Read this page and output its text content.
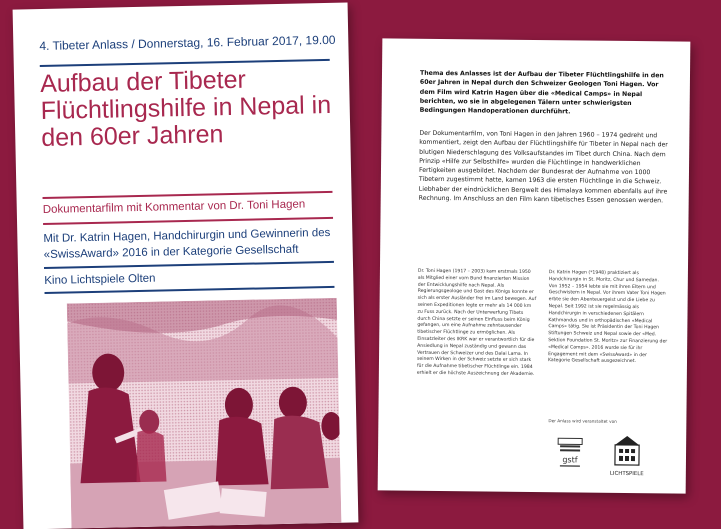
Thema des Anlasses ist der Aufbau der Tibeter Flüchtlingshilfe in den 60er Jahren in Nepal durch den Schweizer Geologen Toni Hagen. Vor dem Film wird Katrin Hagen über die «Medical Camps» in Nepal berichten, wo sie in abgelegenen Tälern unter schwierigsten Bedingungen Handoperationen durchführt.
Der Dokumentarfilm, von Toni Hagen in den Jahren 1960 – 1974 gedreht und kommentiert, zeigt den Aufbau der Flüchtlingshilfe für Tibeter in Nepal nach der blutigen Niederschlagung des Volksaufstandes im Tibet durch China. Nach dem Prinzip «Hilfe zur Selbsthilfe» wurden die Flüchtlinge in handwerklichen Fertigkeiten ausgebildet. Nachdem der Bundesrat der Aufnahme von 1000 Tibetern zugestimmt hatte, kamen 1963 die ersten Flüchtlinge in die Schweiz. Liebhaber der eindrücklichen Bergwelt des Himalaya kommen ebenfalls auf ihre Rechnung. Im Anschluss an den Film kann tibetisches Essen genossen werden.
Dr. Toni Hagen (1917 – 2003) kam erstmals 1950 als Mitglied einer vom Bund finanzierten Mission der Entwicklungshilfe nach Nepal. Als Regierungsgeologe und Gast des Königs konnte er sich als erster Ausländer frei im Land bewegen. Auf seinen Expeditionen legte er mehr als 14 000 km zu Fuss zurück. Nach der Unterwerfung Tibets durch China setzte er seinen Einfluss beim König gefangen, um eine Aufnahme zehntausender tibetischer Flüchtlinge zu ermöglichen. Als Einsatzleiter des IKRK war er verantwortlich für die Ansiedlung in Nepal zuständig und gewann das Vertrauen der Schweizer und des Dalai Lama. In seinem Wirken in der Schweiz setzte er sich stark für die Aufnahme tibetischer Flüchtlinge ein. 1984 erhielt er die höchste Auszeichnung der Akademie.
Dr. Katrin Hagen (*1948) praktiziert als Handchirurgin in St. Moritz, Chur und Samedan. Von 1952 – 1954 lebte sie mit ihren Eltern und Geschwistern in Nepal. Vor ihrem Vater Toni Hagen erbte sie den Abenteuergeist und die Liebe zu Nepal. Seit 1992 ist sie regelmässig als Handchirurgin in verschiedenen Spitälern Kathmandus und in orthopädischen «Medical Camps» tätig. Sie ist Präsidentin der Toni Hagen Stiftungen Schweiz und Nepal sowie der «Med. Sektion Foundation St. Moritz» zur Finanzierung der «Medical Camps». 2016 wurde sie für ihr Engagement mit dem «SwissAward» in der Kategorie Gesellschaft ausgezeichnet.
Der Anlass wird veranstaltet von
gstf
LICHTSPIELE
4. Tibeter Anlass / Donnerstag, 16. Februar 2017, 19.00
Aufbau der Tibeter Flüchtlingshilfe in Nepal in den 60er Jahren
Dokumentarfilm mit Kommentar von Dr. Toni Hagen
Mit Dr. Katrin Hagen, Handchirurgin und Gewinnerin des «SwissAward» 2016 in der Kategorie Gesellschaft
Kino Lichtspiele Olten
